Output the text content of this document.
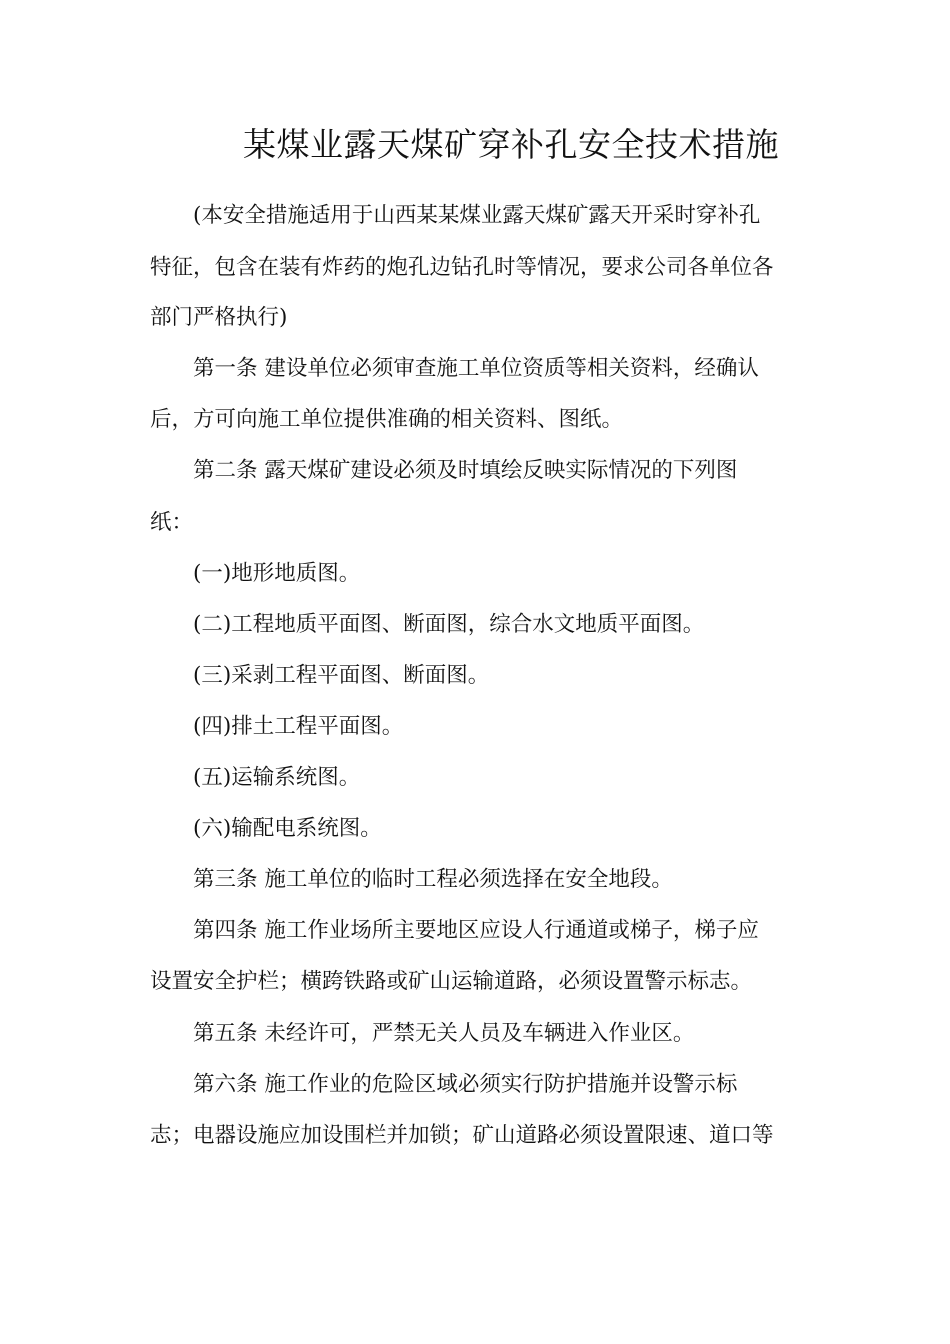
某煤业露天煤矿穿补孔安全技术措施
(本安全措施适用于山西某某煤业露天煤矿露天开采时穿补孔
特征，包含在装有炸药的炮孔边钻孔时等情况，要求公司各单位各
部门严格执行)
第一条 建设单位必须审查施工单位资质等相关资料，经确认
后，方可向施工单位提供准确的相关资料、图纸。
第二条 露天煤矿建设必须及时填绘反映实际情况的下列图
纸：
(一)地形地质图。
(二)工程地质平面图、断面图，综合水文地质平面图。
(三)采剥工程平面图、断面图。
(四)排土工程平面图。
(五)运输系统图。
(六)输配电系统图。
第三条 施工单位的临时工程必须选择在安全地段。
第四条 施工作业场所主要地区应设人行通道或梯子，梯子应
设置安全护栏；横跨铁路或矿山运输道路，必须设置警示标志。
第五条 未经许可，严禁无关人员及车辆进入作业区。
第六条 施工作业的危险区域必须实行防护措施并设警示标
志；电器设施应加设围栏并加锁；矿山道路必须设置限速、道口等
